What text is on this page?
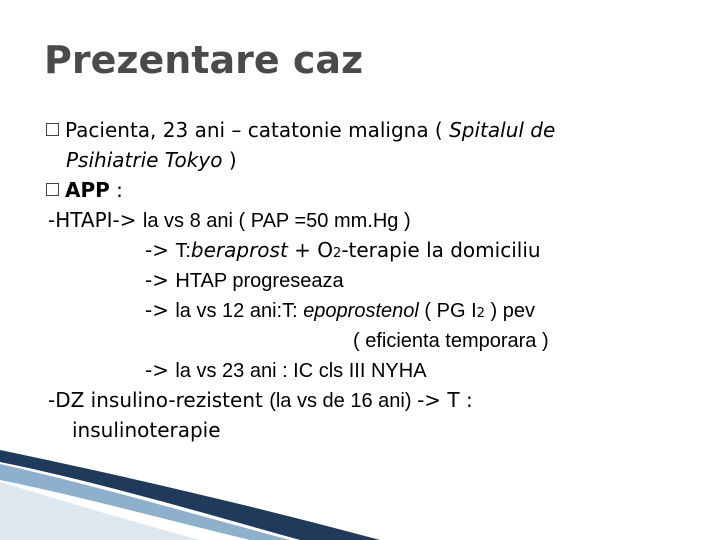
Prezentare caz
Pacienta, 23 ani – catatonie maligna ( Spitalul de
Psihiatrie Tokyo )
APP :
-HTAPI-> la vs 8 ani ( PAP =50 mm.Hg )
-> T:beraprost + O2-terapie la domiciliu
-> HTAP progreseaza
-> la vs 12 ani:T: epoprostenol ( PG I2 ) pev
( eficienta temporara )
-> la vs 23 ani : IC cls III NYHA
-DZ insulino-rezistent (la vs de 16 ani) -> T :
insulinoterapie
